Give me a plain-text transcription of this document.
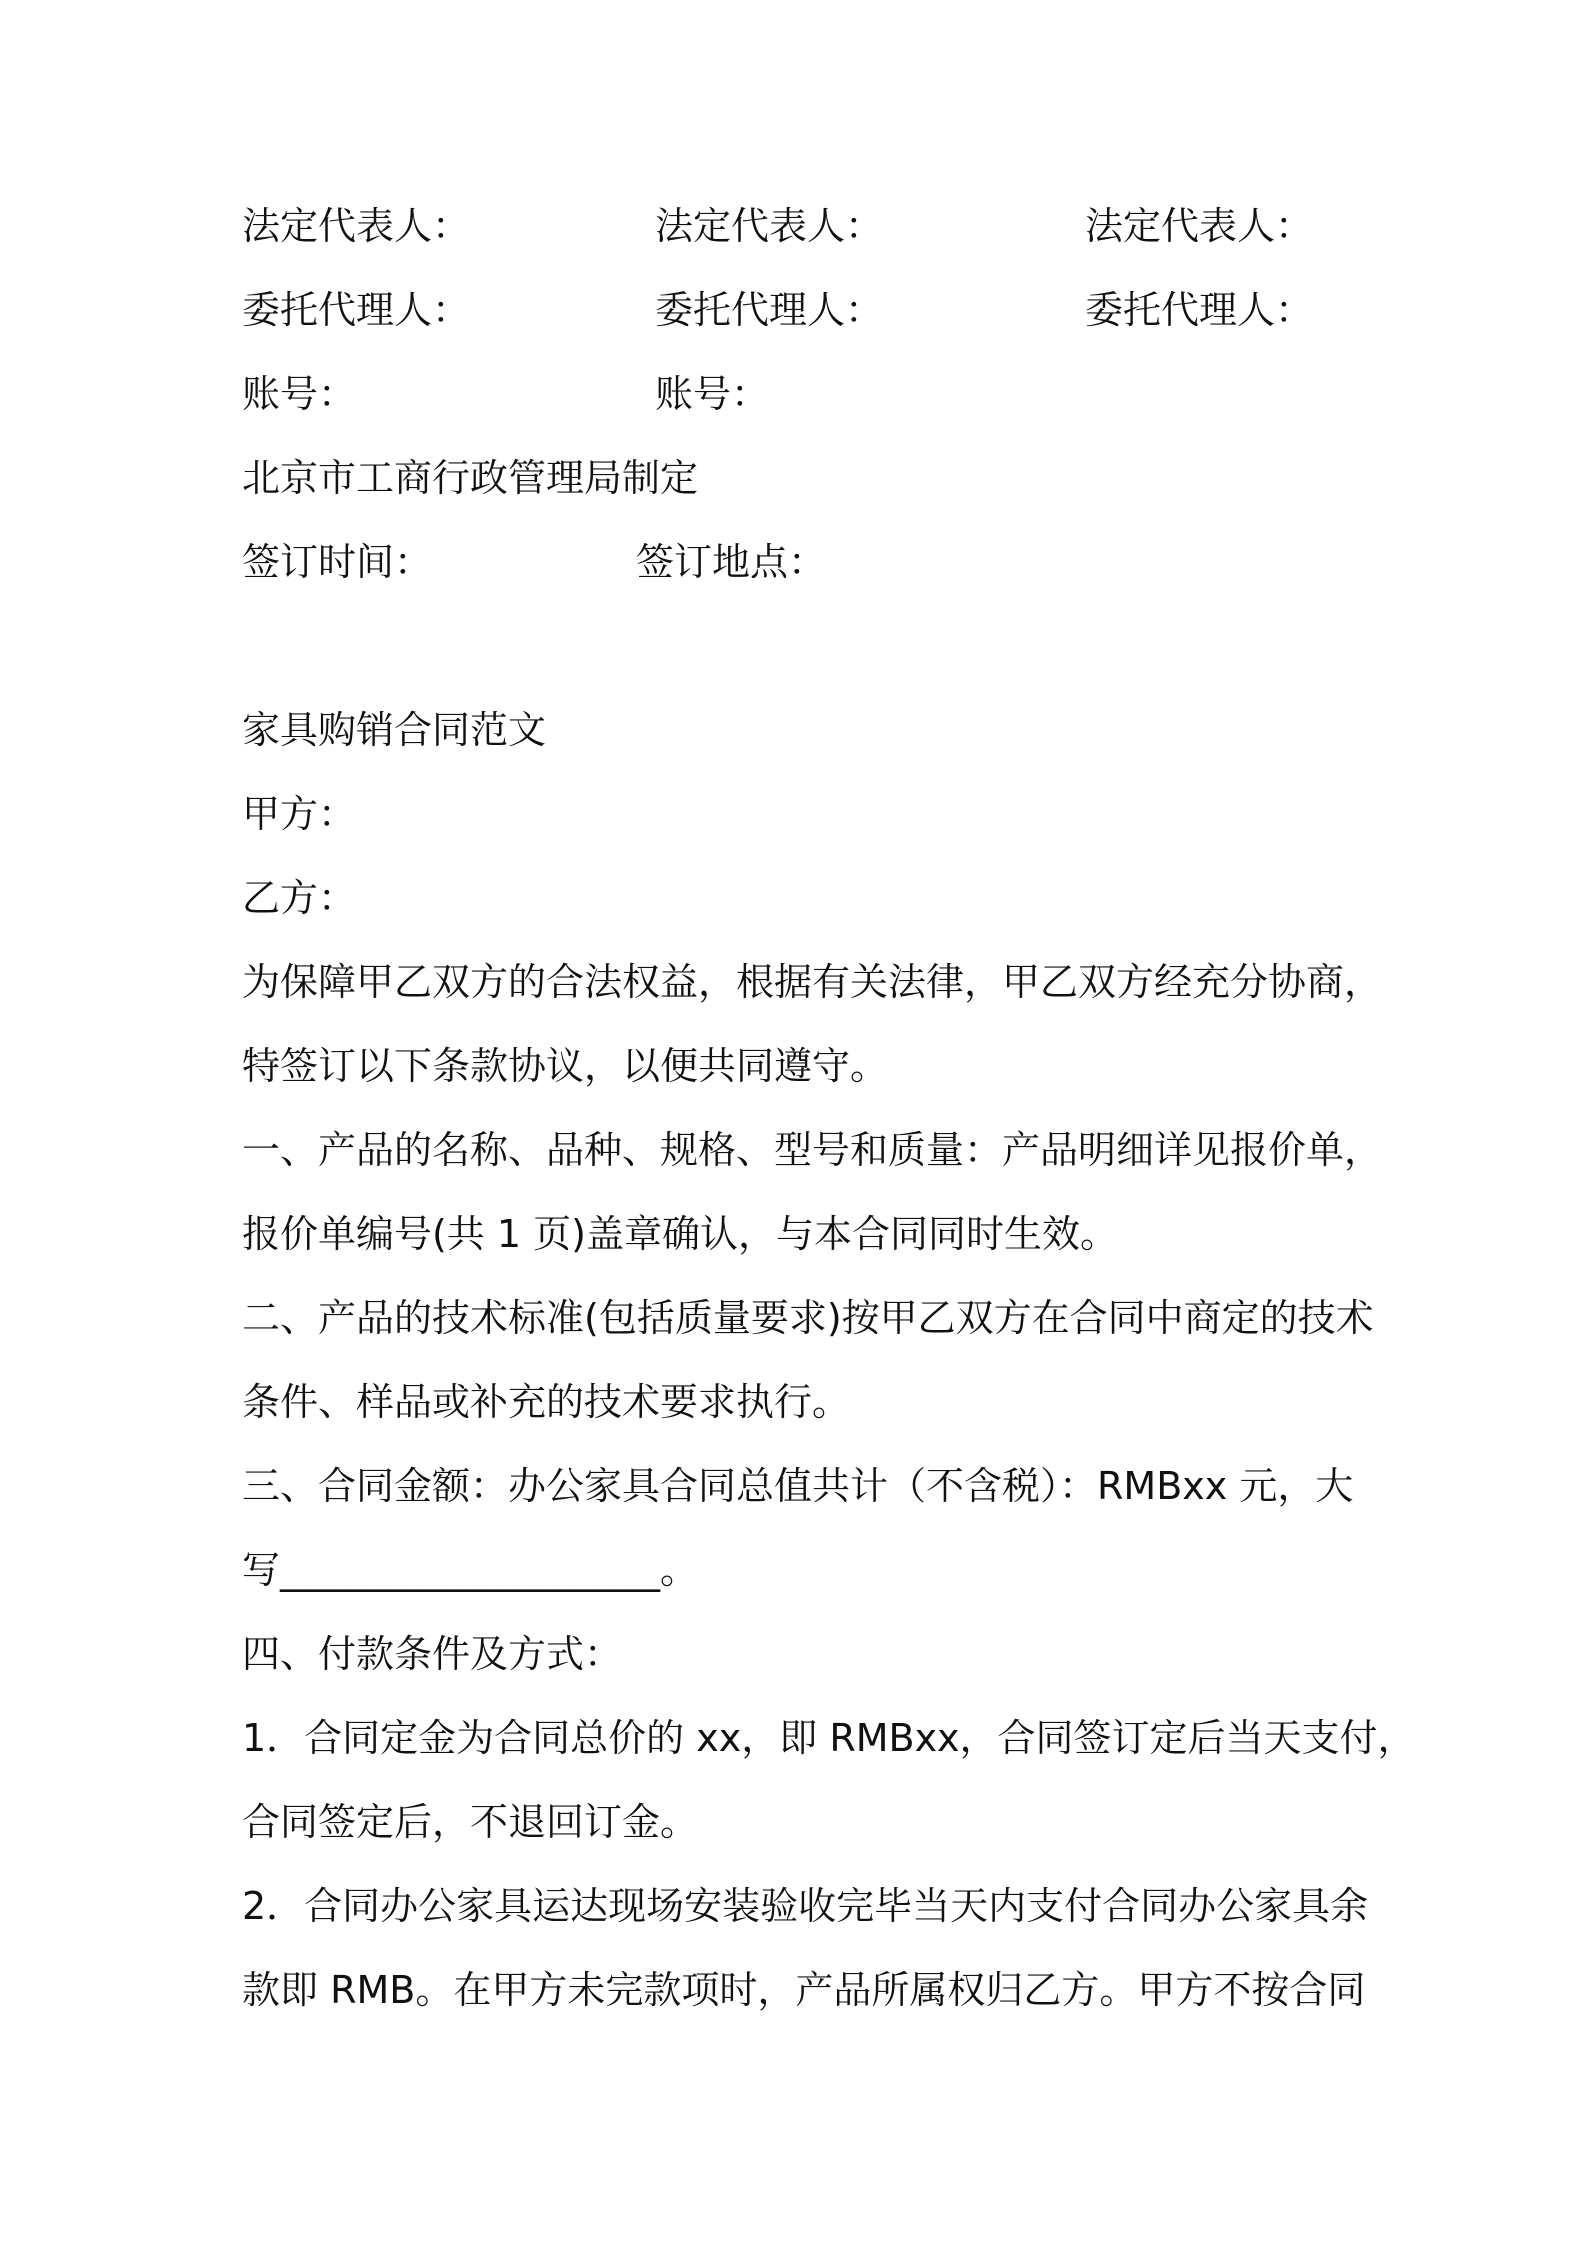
法定代表人：	法定代表人：	法定代表人：
委托代理人：	委托代理人：	委托代理人：
账号：	账号：
北京市工商行政管理局制定
签订时间：	签订地点：
家具购销合同范文
甲方：
乙方：
为保障甲乙双方的合法权益，根据有关法律，甲乙双方经充分协商，
特签订以下条款协议，以便共同遵守。
一、产品的名称、品种、规格、型号和质量：产品明细详见报价单，
报价单编号(共 1 页)盖章确认，与本合同同时生效。
二、产品的技术标准(包括质量要求)按甲乙双方在合同中商定的技术
条件、样品或补充的技术要求执行。
三、合同金额：办公家具合同总值共计（不含税）：RMBxx 元，大
写____________________。
四、付款条件及方式：
1．合同定金为合同总价的 xx，即 RMBxx，合同签订定后当天支付，
合同签定后，不退回订金。
2．合同办公家具运达现场安装验收完毕当天内支付合同办公家具余
款即 RMB。在甲方未完款项时，产品所属权归乙方。甲方不按合同
